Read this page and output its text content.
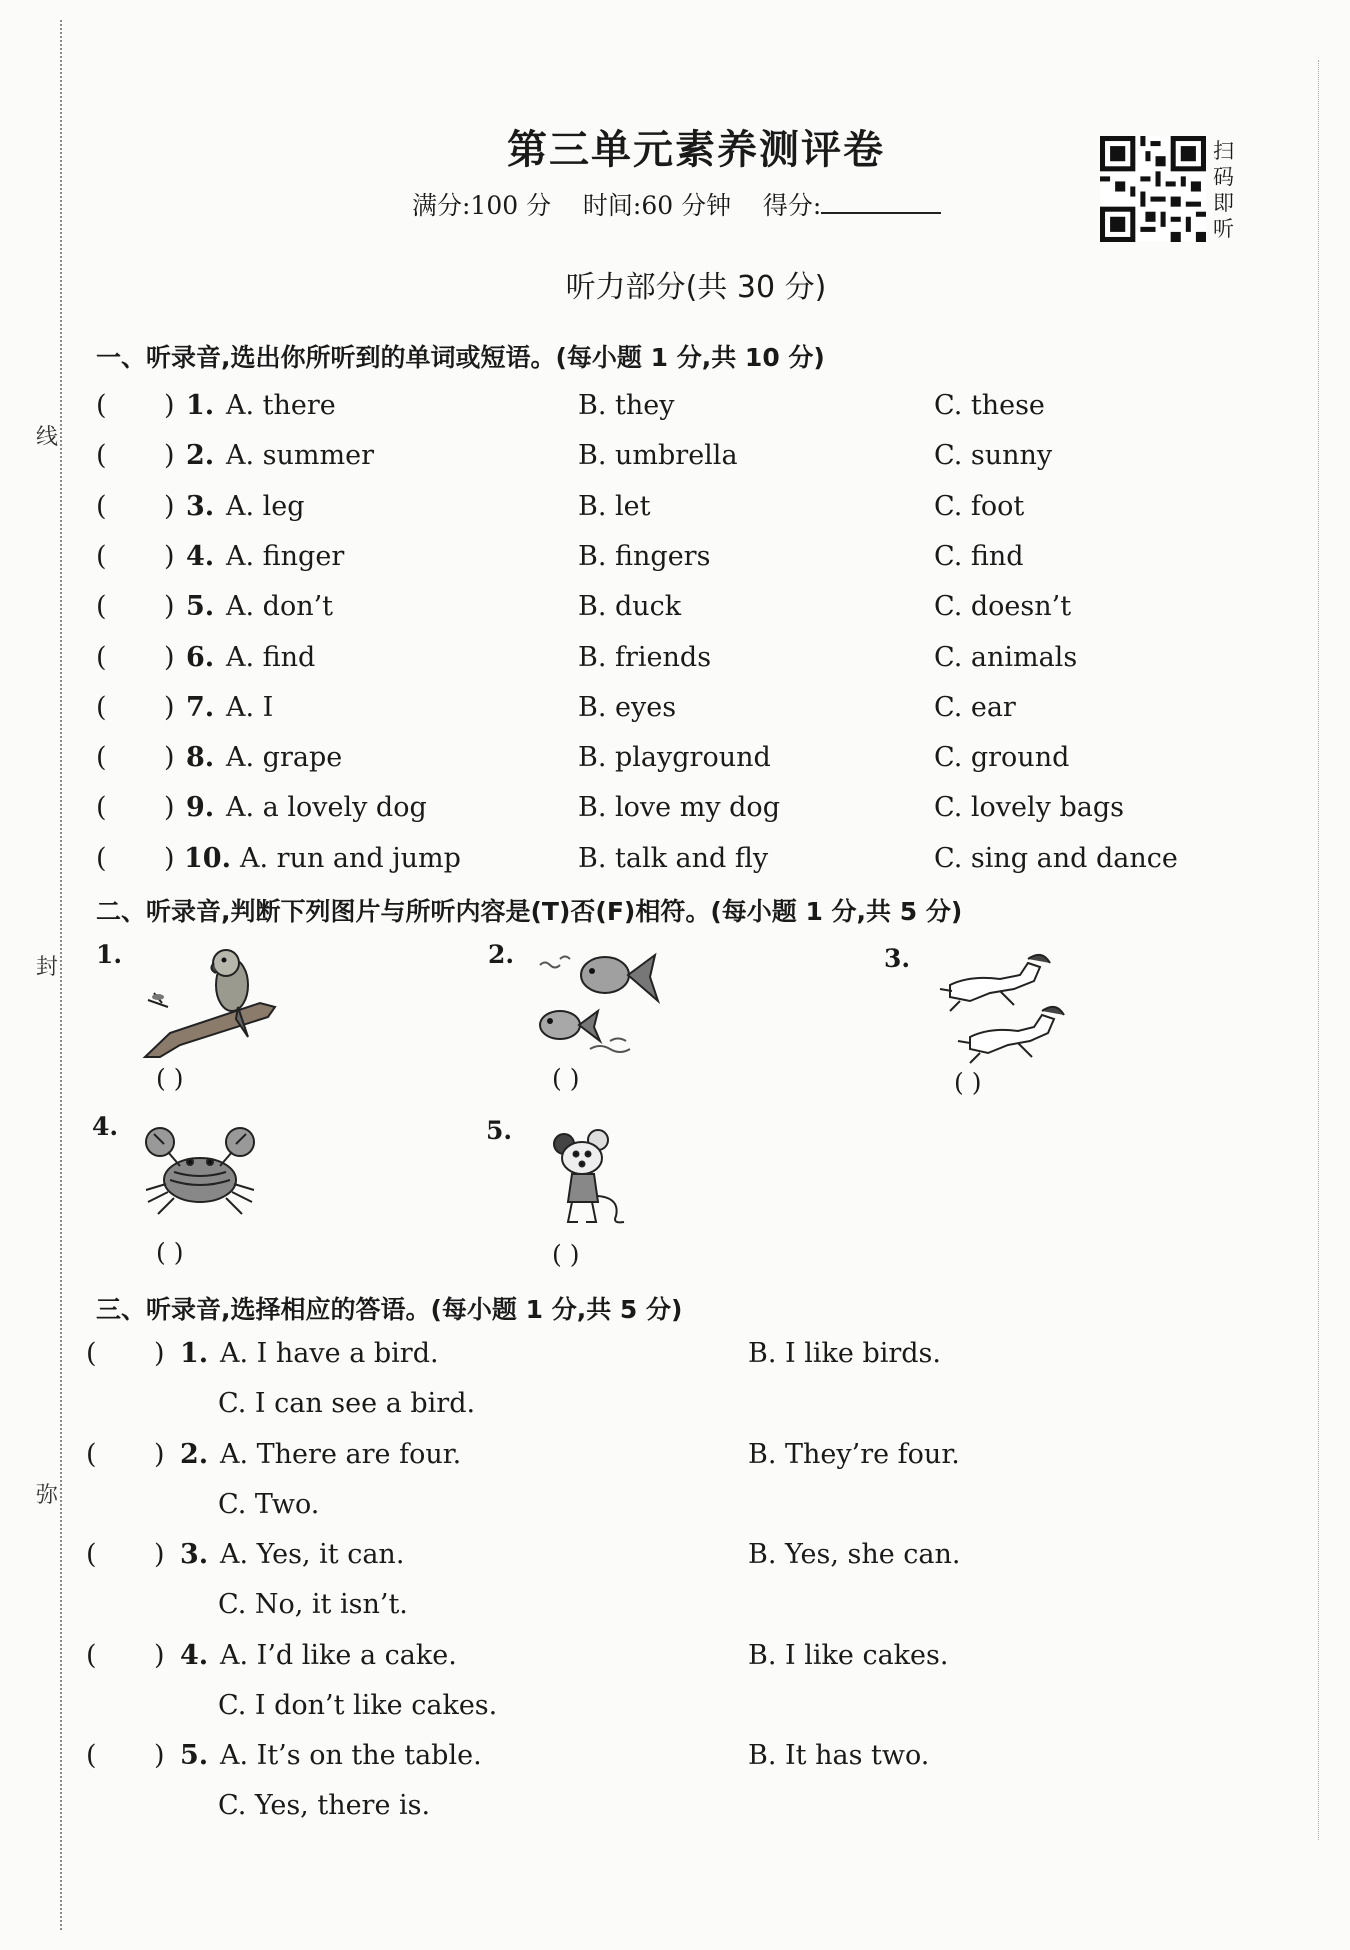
线
封
弥
第三单元素养测评卷
满分:100 分 时间:60 分钟 得分:
扫码即听
听力部分(共 30 分)
一、听录音,选出你所听到的单词或短语。(每小题 1 分,共 10 分)
( ) 1. A. there	B. they	C. these
( ) 2. A. summer	B. umbrella	C. sunny
( ) 3. A. leg	B. let	C. foot
( ) 4. A. finger	B. fingers	C. find
( ) 5. A. don’t	B. duck	C. doesn’t
( ) 6. A. find	B. friends	C. animals
( ) 7. A. I	B. eyes	C. ear
( ) 8. A. grape	B. playground	C. ground
( ) 9. A. a lovely dog	B. love my dog	C. lovely bags
( ) 10. A. run and jump	B. talk and fly	C. sing and dance
二、听录音,判断下列图片与所听内容是(T)否(F)相符。(每小题 1 分,共 5 分)
1.
( )
2.
( )
3.
( )
4.
( )
5.
( )
三、听录音,选择相应的答语。(每小题 1 分,共 5 分)
( ) 1. A. I have a bird.	B. I like birds.
C. I can see a bird.
( ) 2. A. There are four.	B. They’re four.
C. Two.
( ) 3. A. Yes, it can.	B. Yes, she can.
C. No, it isn’t.
( ) 4. A. I’d like a cake.	B. I like cakes.
C. I don’t like cakes.
( ) 5. A. It’s on the table.	B. It has two.
C. Yes, there is.
